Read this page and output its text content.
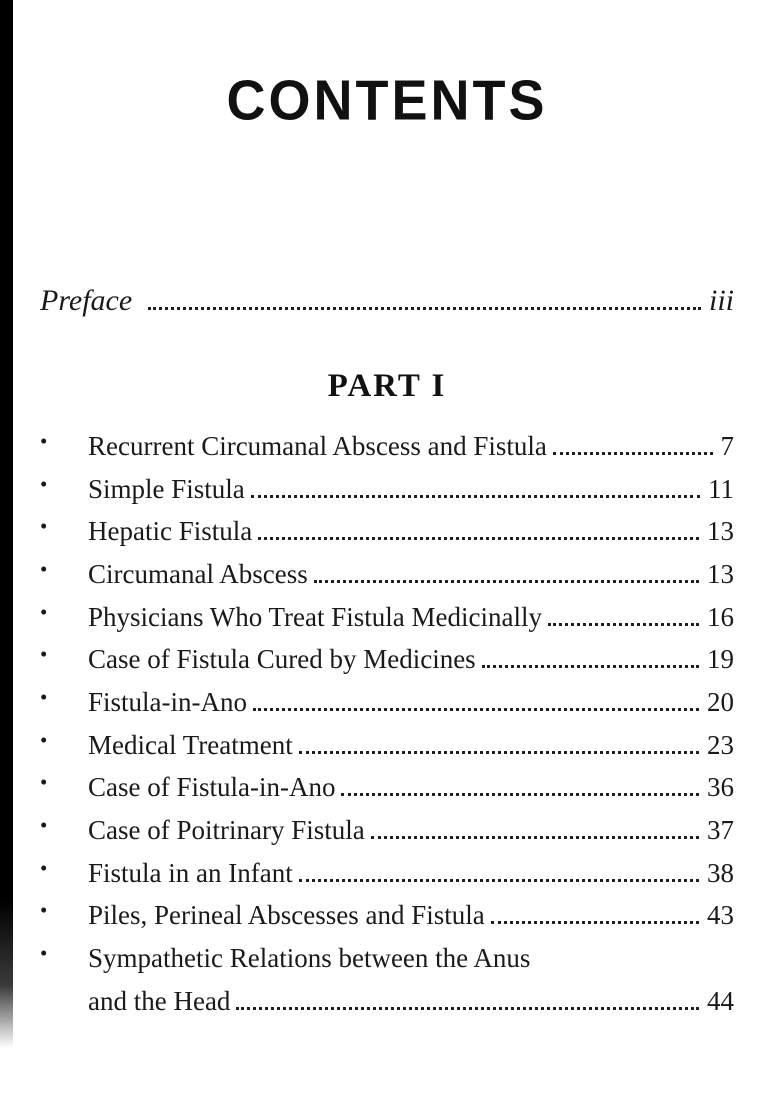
CONTENTS
Preface	iii
PART I
•	Recurrent Circumanal Abscess and Fistula	7
•	Simple Fistula	11
•	Hepatic Fistula	13
•	Circumanal Abscess	13
•	Physicians Who Treat Fistula Medicinally	16
•	Case of Fistula Cured by Medicines	19
•	Fistula-in-Ano	20
•	Medical Treatment	23
•	Case of Fistula-in-Ano	36
•	Case of Poitrinary Fistula	37
•	Fistula in an Infant	38
•	Piles, Perineal Abscesses and Fistula	43
•	Sympathetic Relations between the Anus
and the Head	44
